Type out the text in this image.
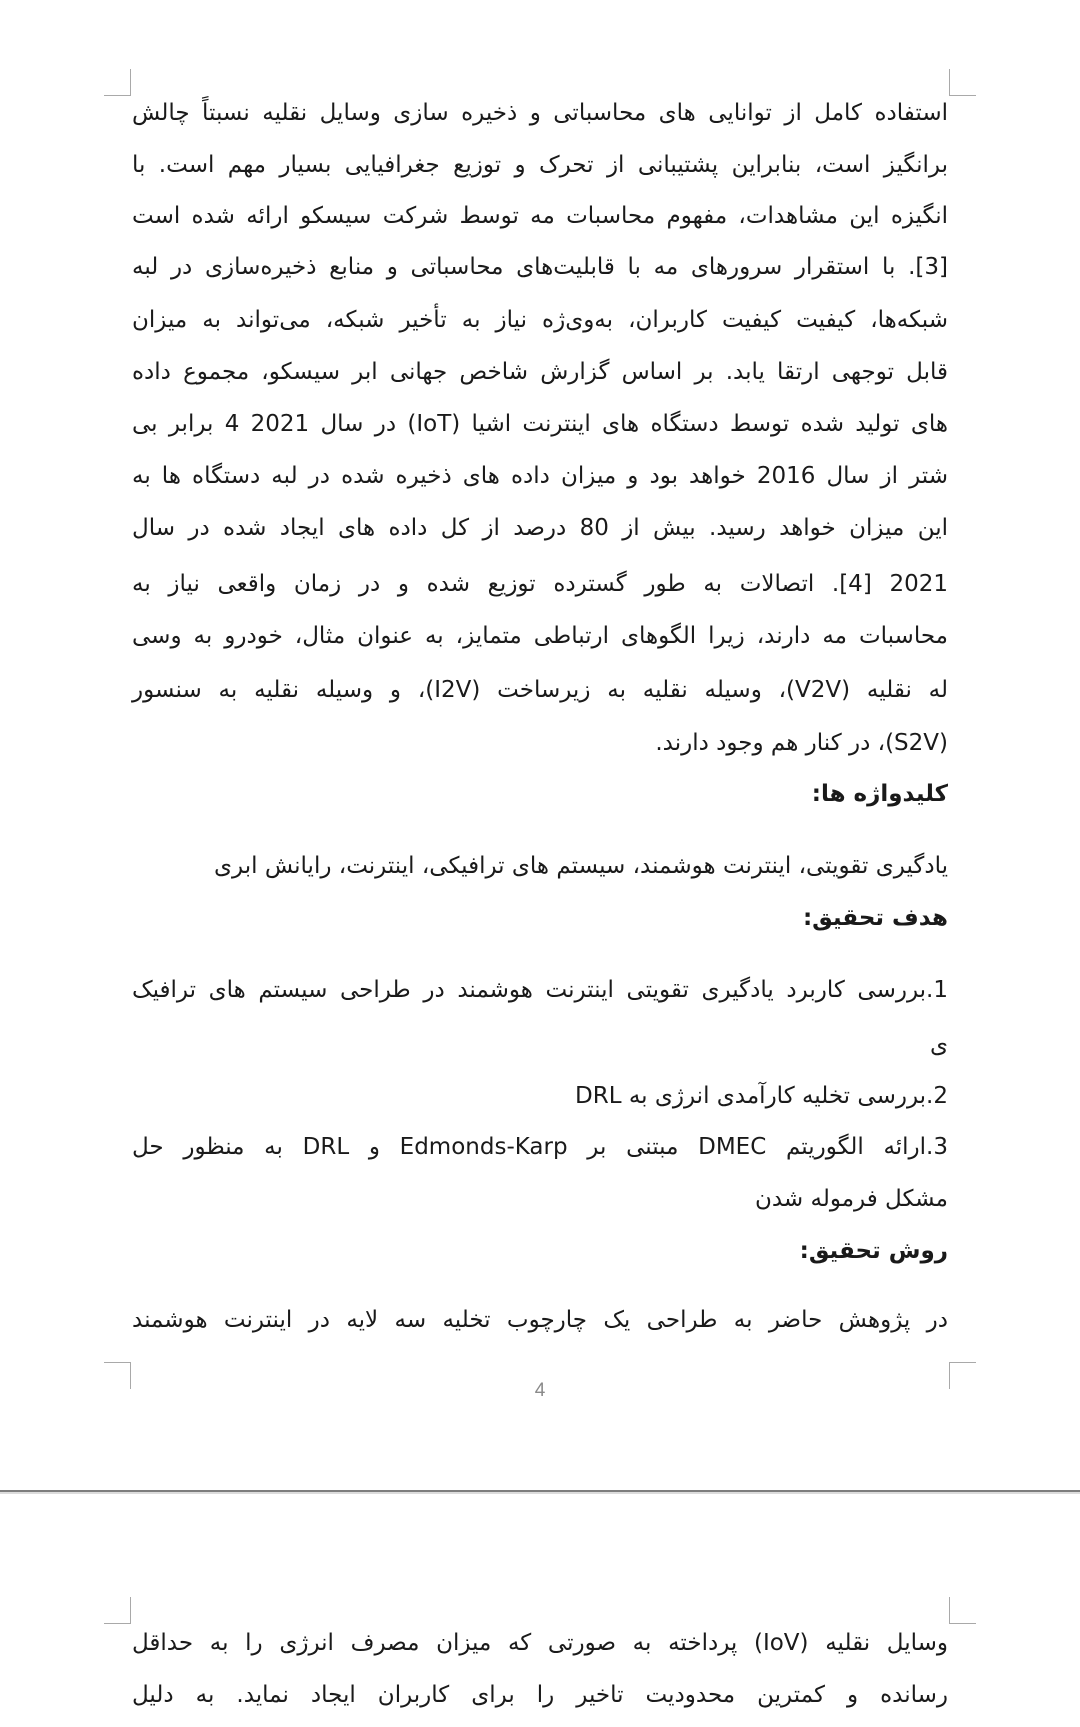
استفاده کامل از توانایی های محاسباتی و ذخیره سازی وسایل نقلیه نسبتاً چالش
برانگیز است، بنابراین پشتیبانی از تحرک و توزیع جغرافیایی بسیار مهم است. با
انگیزه این مشاهدات، مفهوم محاسبات مه توسط شرکت سیسکو ارائه شده است
[3]. با استقرار سرورهای مه با قابلیت‌های محاسباتی و منابع ذخیره‌سازی در لبه
شبکه‌ها، کیفیت کیفیت کاربران، به‌وی‌ژه نیاز به تأخیر شبکه، می‌تواند به میزان
قابل توجهی ارتقا یابد. بر اساس گزارش شاخص جهانی ابر سیسکو، مجموع داده
های تولید شده توسط دستگاه های اینترنت اشیا (IoT) در سال 2021 4 برابر بی
شتر از سال 2016 خواهد بود و میزان داده های ذخیره شده در لبه دستگاه ها به
این میزان خواهد رسید. بیش از 80 درصد از کل داده های ایجاد شده در سال
2021 [4]. اتصالات به طور گسترده توزیع شده و در زمان واقعی نیاز به
محاسبات مه دارند، زیرا الگوهای ارتباطی متمایز، به عنوان مثال، خودرو به وسی
له نقلیه (V2V)، وسیله نقلیه به زیرساخت (I2V)، و وسیله نقلیه به سنسور
(S2V)، در کنار هم وجود دارند.
کلیدواژه ها:
یادگیری تقویتی، اینترنت هوشمند، سیستم های ترافیکی، اینترنت، رایانش ابری
هدف تحقیق:
1.بررسی کاربرد یادگیری تقویتی اینترنت هوشمند در طراحی سیستم های ترافیک
ی
2.بررسی تخلیه کارآمدی انرژی به DRL
3.ارائه الگوریتم DMEC مبتنی بر Edmonds-Karp و DRL به منظور حل
مشکل فرموله شدن
روش تحقیق:
در پژوهش حاضر به طراحی یک چارچوب تخلیه سه لایه در اینترنت هوشمند
4
وسایل نقلیه (IoV) پرداخته به صورتی که میزان مصرف انرژی را به حداقل
رسانده و کمترین محدودیت تاخیر را برای کاربران ایجاد نماید. به دلیل
